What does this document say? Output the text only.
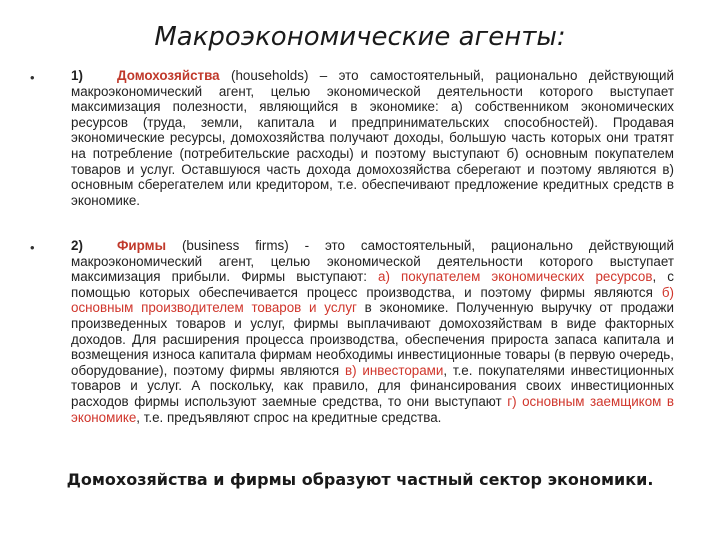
Макроэкономические агенты:
•	1)	Домохозяйства (households) – это самостоятельный, рационально действующий макроэкономический агент, целью экономической деятельности которого выступает максимизация полезности, являющийся в экономике: а) собственником экономических ресурсов (труда, земли, капитала и предпринимательских способностей). Продавая экономические ресурсы, домохозяйства получают доходы, большую часть которых они тратят на потребление (потребительские расходы) и поэтому выступают б) основным покупателем товаров и услуг. Оставшуюся часть дохода домохозяйства сберегают и поэтому являются в) основным сберегателем или кредитором, т.е. обеспечивают предложение кредитных средств в экономике.
•	2)	Фирмы (business firms) - это самостоятельный, рационально действующий макроэкономический агент, целью экономической деятельности которого выступает максимизация прибыли. Фирмы выступают: а) покупателем экономических ресурсов, с помощью которых обеспечивается процесс производства, и поэтому фирмы являются б) основным производителем товаров и услуг в экономике. Полученную выручку от продажи произведенных товаров и услуг, фирмы выплачивают домохозяйствам в виде факторных доходов. Для расширения процесса производства, обеспечения прироста запаса капитала и возмещения износа капитала фирмам необходимы инвестиционные товары (в первую очередь, оборудование), поэтому фирмы являются в) инвесторами, т.е. покупателями инвестиционных товаров и услуг. А поскольку, как правило, для финансирования своих инвестиционных расходов фирмы используют заемные средства, то они выступают г) основным заемщиком в экономике, т.е. предъявляют спрос на кредитные средства.
Домохозяйства и фирмы образуют частный сектор экономики.
